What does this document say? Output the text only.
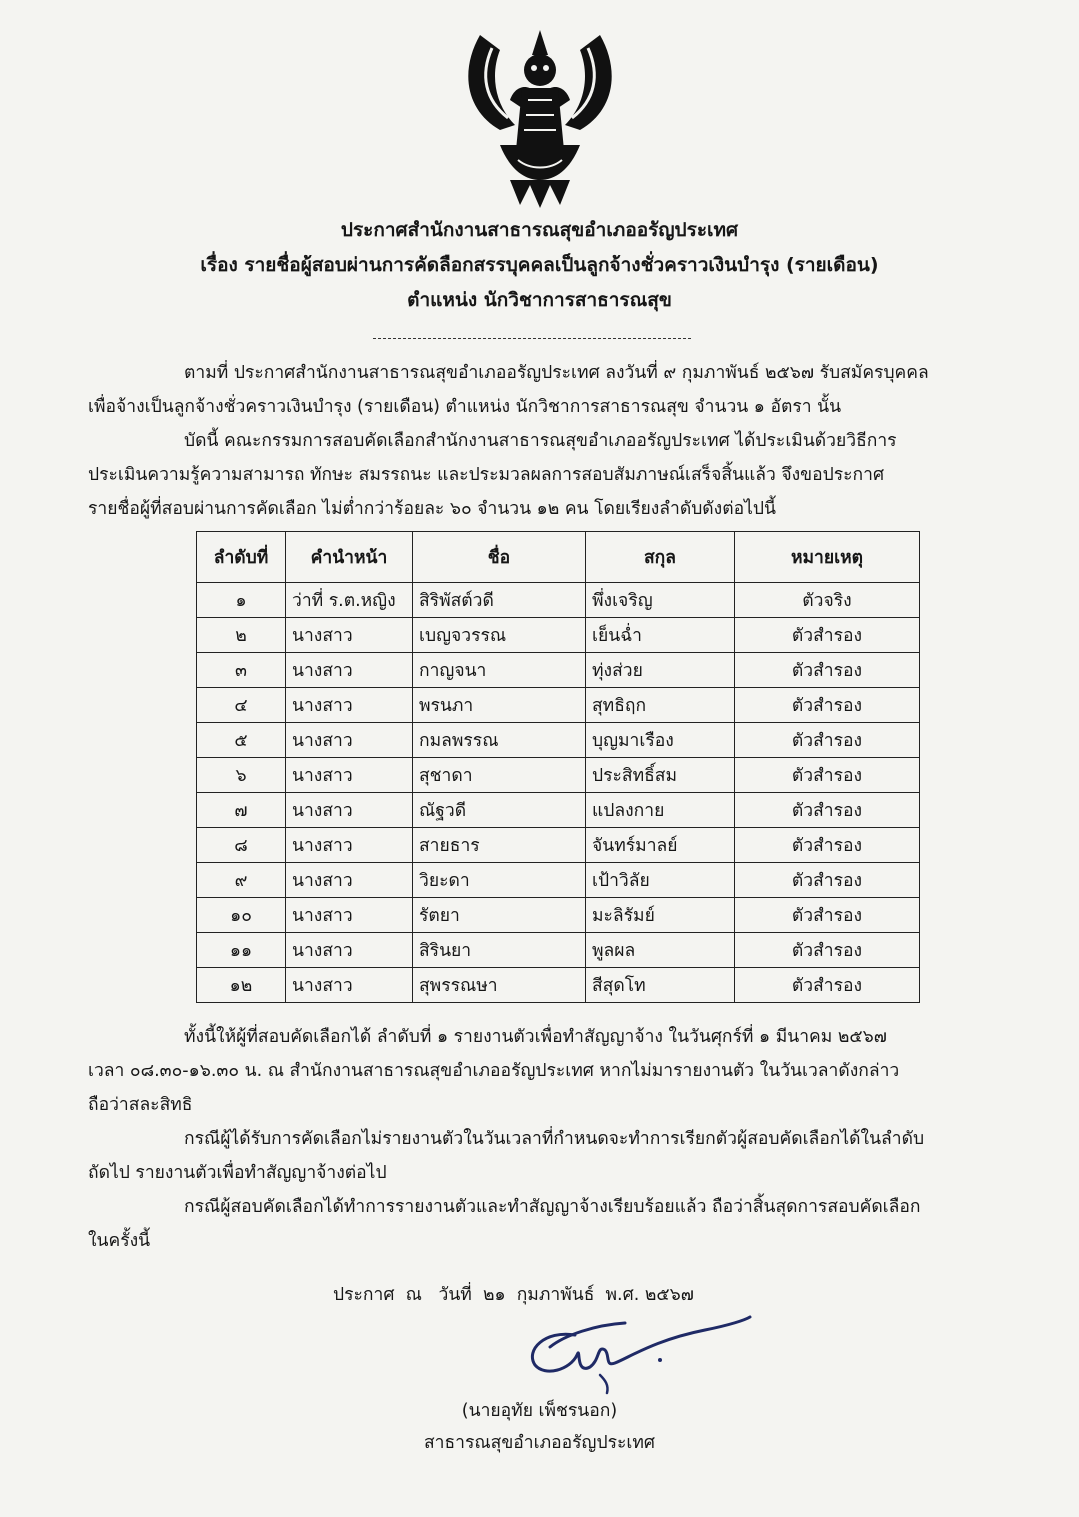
ประกาศสำนักงานสาธารณสุขอำเภออรัญประเทศ
เรื่อง รายชื่อผู้สอบผ่านการคัดลือกสรรบุคคลเป็นลูกจ้างชั่วคราวเงินบำรุง (รายเดือน)
ตำแหน่ง นักวิชาการสาธารณสุข
ตามที่ ประกาศสำนักงานสาธารณสุขอำเภออรัญประเทศ ลงวันที่ ๙ กุมภาพันธ์ ๒๕๖๗ รับสมัครบุคคล
เพื่อจ้างเป็นลูกจ้างชั่วคราวเงินบำรุง (รายเดือน) ตำแหน่ง นักวิชาการสาธารณสุข จำนวน ๑ อัตรา นั้น
บัดนี้ คณะกรรมการสอบคัดเลือกสำนักงานสาธารณสุขอำเภออรัญประเทศ ได้ประเมินด้วยวิธีการ
ประเมินความรู้ความสามารถ ทักษะ สมรรถนะ และประมวลผลการสอบสัมภาษณ์เสร็จสิ้นแล้ว จึงขอประกาศ
รายชื่อผู้ที่สอบผ่านการคัดเลือก ไม่ต่ำกว่าร้อยละ ๖๐ จำนวน ๑๒ คน โดยเรียงลำดับดังต่อไปนี้
ลำดับที่	คำนำหน้า	ชื่อ	สกุล	หมายเหตุ
๑	ว่าที่ ร.ต.หญิง	สิริพัสต์วดี	พึ่งเจริญ	ตัวจริง
๒	นางสาว	เบญจวรรณ	เย็นฉ่ำ	ตัวสำรอง
๓	นางสาว	กาญจนา	ทุ่งส่วย	ตัวสำรอง
๔	นางสาว	พรนภา	สุทธิฤก	ตัวสำรอง
๕	นางสาว	กมลพรรณ	บุญมาเรือง	ตัวสำรอง
๖	นางสาว	สุชาดา	ประสิทธิ์สม	ตัวสำรอง
๗	นางสาว	ณัฐวดี	แปลงกาย	ตัวสำรอง
๘	นางสาว	สายธาร	จันทร์มาลย์	ตัวสำรอง
๙	นางสาว	วิยะดา	เป้าวิลัย	ตัวสำรอง
๑๐	นางสาว	รัตยา	มะลิรัมย์	ตัวสำรอง
๑๑	นางสาว	สิรินยา	พูลผล	ตัวสำรอง
๑๒	นางสาว	สุพรรณษา	สีสุดโท	ตัวสำรอง
ทั้งนี้ให้ผู้ที่สอบคัดเลือกได้ ลำดับที่ ๑ รายงานตัวเพื่อทำสัญญาจ้าง ในวันศุกร์ที่ ๑ มีนาคม ๒๕๖๗
เวลา ๐๘.๓๐-๑๖.๓๐ น. ณ สำนักงานสาธารณสุขอำเภออรัญประเทศ หากไม่มารายงานตัว ในวันเวลาดังกล่าว
ถือว่าสละสิทธิ
กรณีผู้ได้รับการคัดเลือกไม่รายงานตัวในวันเวลาที่กำหนดจะทำการเรียกตัวผู้สอบคัดเลือกได้ในลำดับ
ถัดไป รายงานตัวเพื่อทำสัญญาจ้างต่อไป
กรณีผู้สอบคัดเลือกได้ทำการรายงานตัวและทำสัญญาจ้างเรียบร้อยแล้ว ถือว่าสิ้นสุดการสอบคัดเลือก
ในครั้งนี้
ประกาศ  ณ   วันที่  ๒๑  กุมภาพันธ์  พ.ศ. ๒๕๖๗
(นายอุทัย เพ็ชรนอก)
สาธารณสุขอำเภออรัญประเทศ
